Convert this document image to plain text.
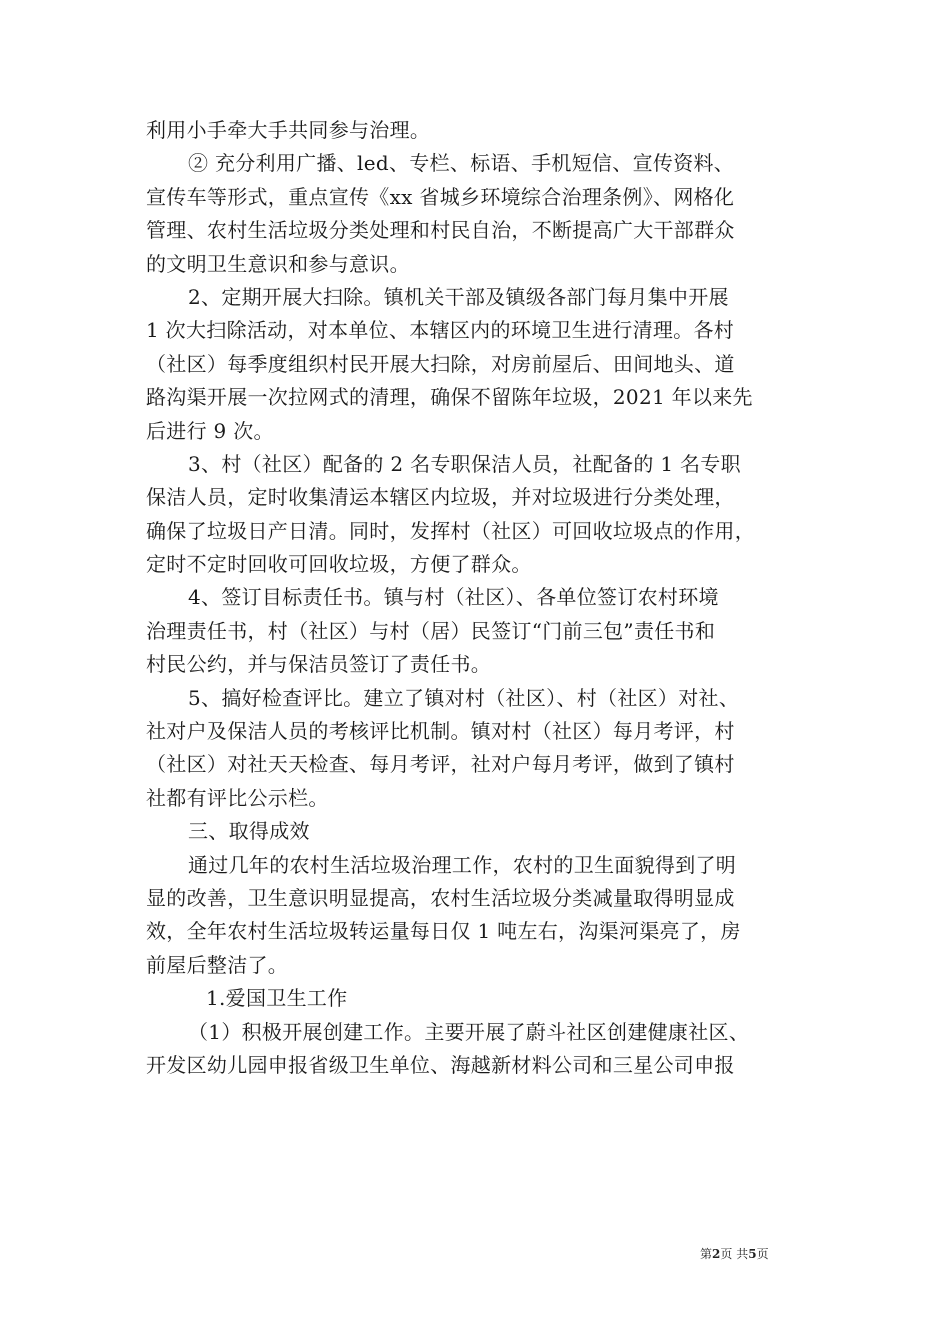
利用小手牵大手共同参与治理。
② 充分利用广播、led、专栏、标语、手机短信、宣传资料、
宣传车等形式，重点宣传《xx 省城乡环境综合治理条例》、网格化
管理、农村生活垃圾分类处理和村民自治，不断提高广大干部群众
的文明卫生意识和参与意识。
2、定期开展大扫除。镇机关干部及镇级各部门每月集中开展
1 次大扫除活动，对本单位、本辖区内的环境卫生进行清理。各村
（社区）每季度组织村民开展大扫除，对房前屋后、田间地头、道
路沟渠开展一次拉网式的清理，确保不留陈年垃圾，2021 年以来先
后进行 9 次。
3、村（社区）配备的 2 名专职保洁人员，社配备的 1 名专职
保洁人员，定时收集清运本辖区内垃圾，并对垃圾进行分类处理，
确保了垃圾日产日清。同时，发挥村（社区）可回收垃圾点的作用，
定时不定时回收可回收垃圾，方便了群众。
4、签订目标责任书。镇与村（社区）、各单位签订农村环境
治理责任书，村（社区）与村（居）民签订“门前三包”责任书和
村民公约，并与保洁员签订了责任书。
5、搞好检查评比。建立了镇对村（社区）、村（社区）对社、
社对户及保洁人员的考核评比机制。镇对村（社区）每月考评，村
（社区）对社天天检查、每月考评，社对户每月考评，做到了镇村
社都有评比公示栏。
三、取得成效
通过几年的农村生活垃圾治理工作，农村的卫生面貌得到了明
显的改善，卫生意识明显提高，农村生活垃圾分类减量取得明显成
效，全年农村生活垃圾转运量每日仅 1 吨左右，沟渠河渠亮了，房
前屋后整洁了。
1.爱国卫生工作
（1）积极开展创建工作。主要开展了蔚斗社区创建健康社区、
开发区幼儿园申报省级卫生单位、海越新材料公司和三星公司申报
第2页 共5页
